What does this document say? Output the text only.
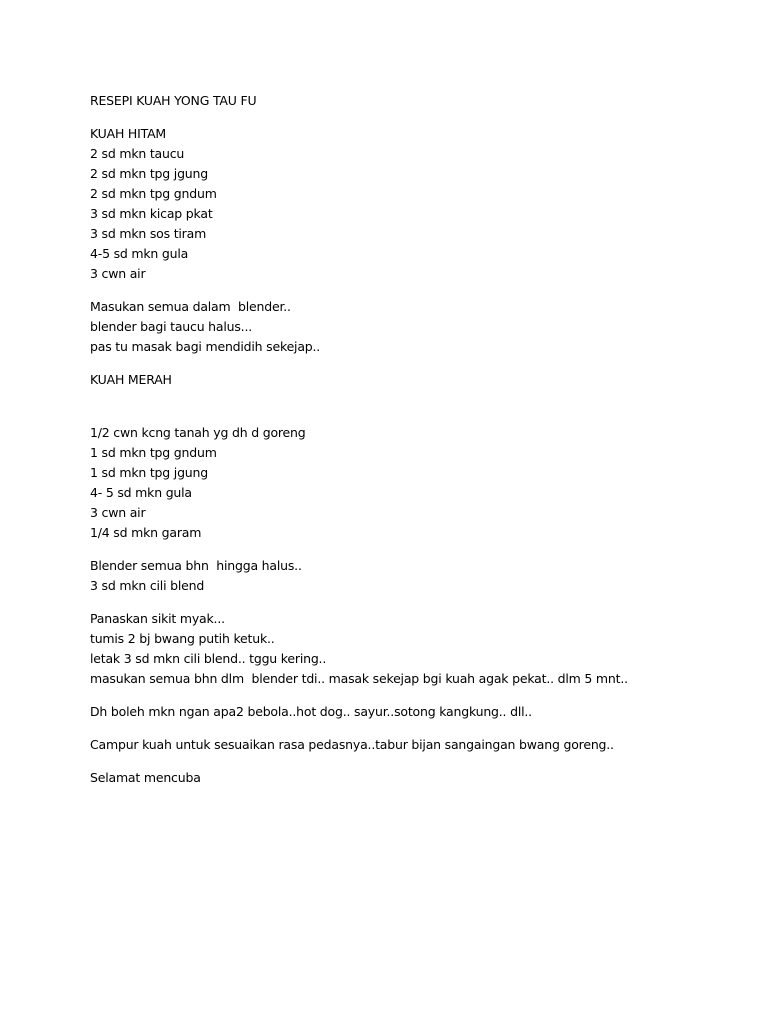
RESEPI KUAH YONG TAU FU
KUAH HITAM
2 sd mkn taucu
2 sd mkn tpg jgung
2 sd mkn tpg gndum
3 sd mkn kicap pkat
3 sd mkn sos tiram
4-5 sd mkn gula
3 cwn air
Masukan semua dalam  blender..
blender bagi taucu halus...
pas tu masak bagi mendidih sekejap..
KUAH MERAH
1/2 cwn kcng tanah yg dh d goreng
1 sd mkn tpg gndum
1 sd mkn tpg jgung
4- 5 sd mkn gula
3 cwn air
1/4 sd mkn garam
Blender semua bhn  hingga halus..
3 sd mkn cili blend
Panaskan sikit myak...
tumis 2 bj bwang putih ketuk..
letak 3 sd mkn cili blend.. tggu kering..
masukan semua bhn dlm  blender tdi.. masak sekejap bgi kuah agak pekat.. dlm 5 mnt..
Dh boleh mkn ngan apa2 bebola..hot dog.. sayur..sotong kangkung.. dll..
Campur kuah untuk sesuaikan rasa pedasnya..tabur bijan sangaingan bwang goreng..
Selamat mencuba
